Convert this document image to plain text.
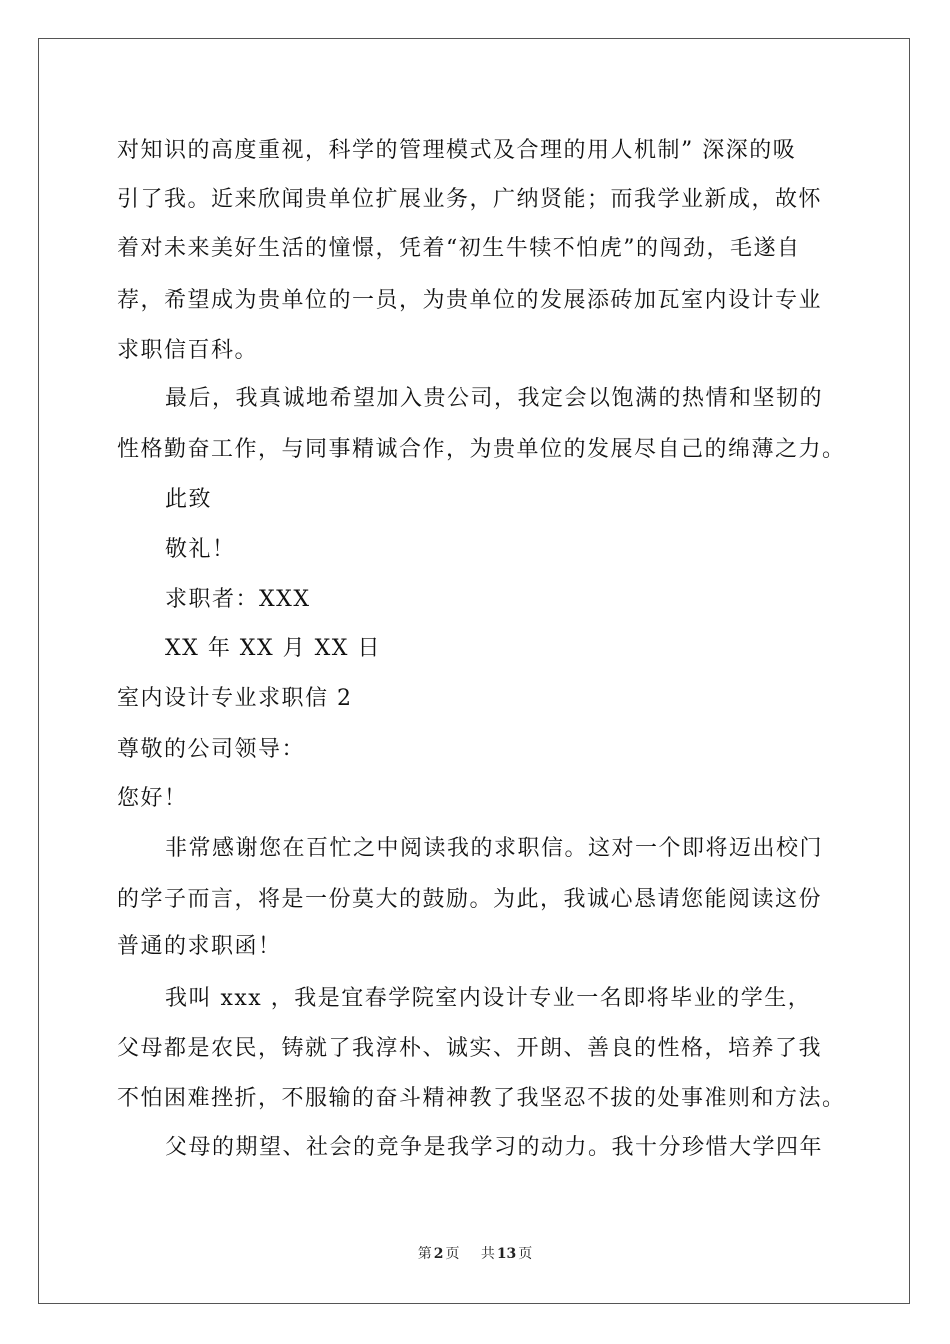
对知识的高度重视，科学的管理模式及合理的用人机制” 深深的吸
引了我。近来欣闻贵单位扩展业务，广纳贤能；而我学业新成，故怀
着对未来美好生活的憧憬，凭着“初生牛犊不怕虎”的闯劲，毛遂自
荐，希望成为贵单位的一员，为贵单位的发展添砖加瓦室内设计专业
求职信百科。
最后，我真诚地希望加入贵公司，我定会以饱满的热情和坚韧的
性格勤奋工作，与同事精诚合作，为贵单位的发展尽自己的绵薄之力。
此致
敬礼！
求职者：XXX
XX 年 XX 月 XX 日
室内设计专业求职信 2
尊敬的公司领导：
您好！
非常感谢您在百忙之中阅读我的求职信。这对一个即将迈出校门
的学子而言，将是一份莫大的鼓励。为此，我诚心恳请您能阅读这份
普通的求职函！
我叫 xxx ，我是宜春学院室内设计专业一名即将毕业的学生，
父母都是农民，铸就了我淳朴、诚实、开朗、善良的性格，培养了我
不怕困难挫折，不服输的奋斗精神教了我坚忍不拔的处事准则和方法。
父母的期望、社会的竞争是我学习的动力。我十分珍惜大学四年
第 2 页 共 13 页
